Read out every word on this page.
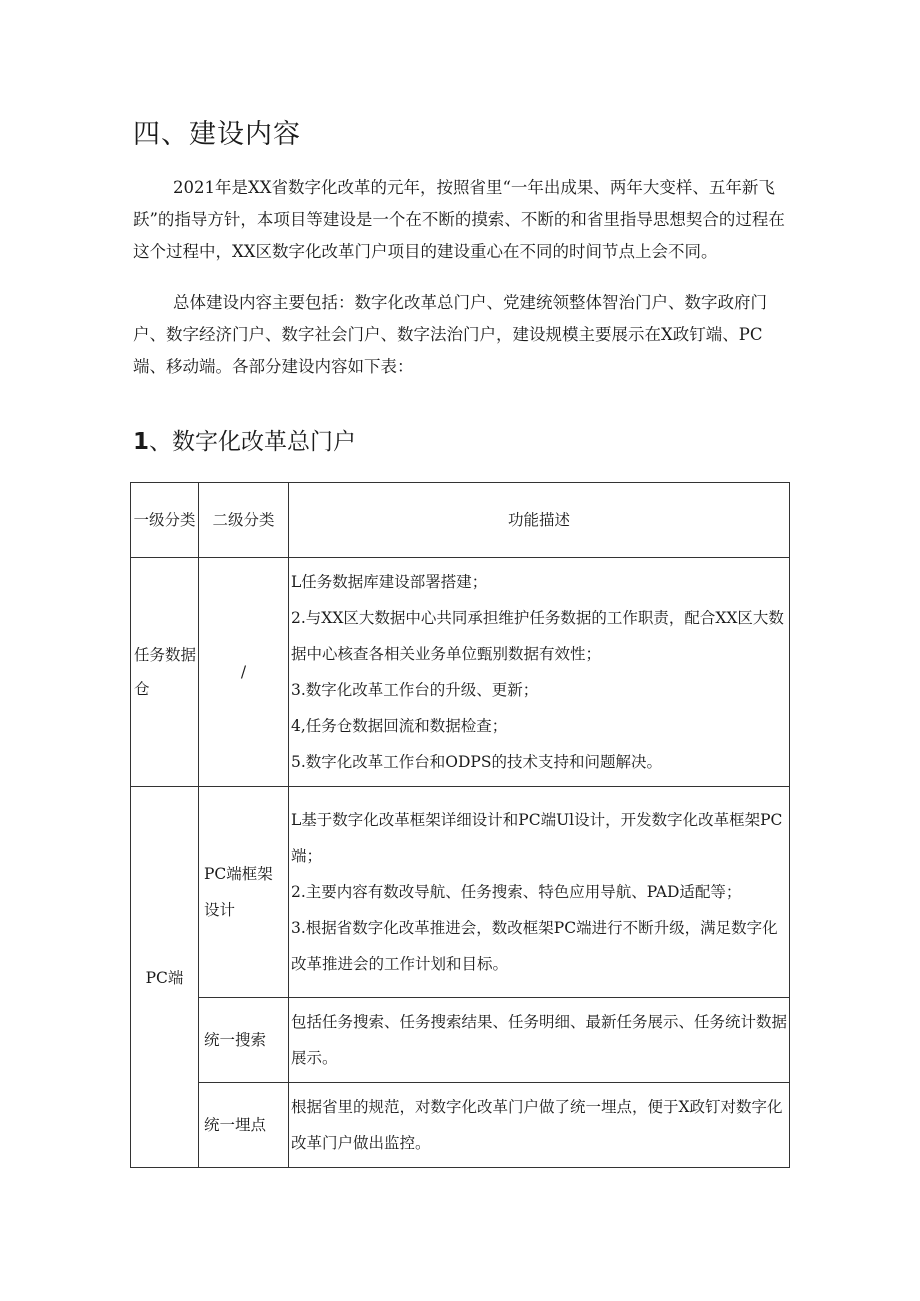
四、建设内容
2021年是XX省数字化改革的元年，按照省里“一年出成果、两年大变样、五年新飞跃”的指导方针，本项目等建设是一个在不断的摸索、不断的和省里指导思想契合的过程在这个过程中，XX区数字化改革门户项目的建设重心在不同的时间节点上会不同。
总体建设内容主要包括：数字化改革总门户、党建统领整体智治门户、数字政府门户、数字经济门户、数字社会门户、数字法治门户，建设规模主要展示在X政钉端、PC端、移动端。各部分建设内容如下表：
1、数字化改革总门户
一级分类	二级分类	功能描述
任务数据仓	/	L任务数据库建设部署搭建；
2.与XX区大数据中心共同承担维护任务数据的工作职责，配合XX区大数据中心核查各相关业务单位甄别数据有效性；
3.数字化改革工作台的升级、更新；
4,任务仓数据回流和数据检查；
5.数字化改革工作台和ODPS的技术支持和问题解决。

PC端	PC端框架设计	L基于数字化改革框架详细设计和PC端Ul设计，开发数字化改革框架PC端；
2.主要内容有数改导航、任务搜索、特色应用导航、PAD适配等；
3.根据省数字化改革推进会，数改框架PC端进行不断升级，满足数字化改革推进会的工作计划和目标。

	统一搜索	包括任务搜索、任务搜索结果、任务明细、最新任务展示、任务统计数据展示。

	统一埋点	根据省里的规范，对数字化改革门户做了统一埋点，便于X政钉对数字化改革门户做出监控。
